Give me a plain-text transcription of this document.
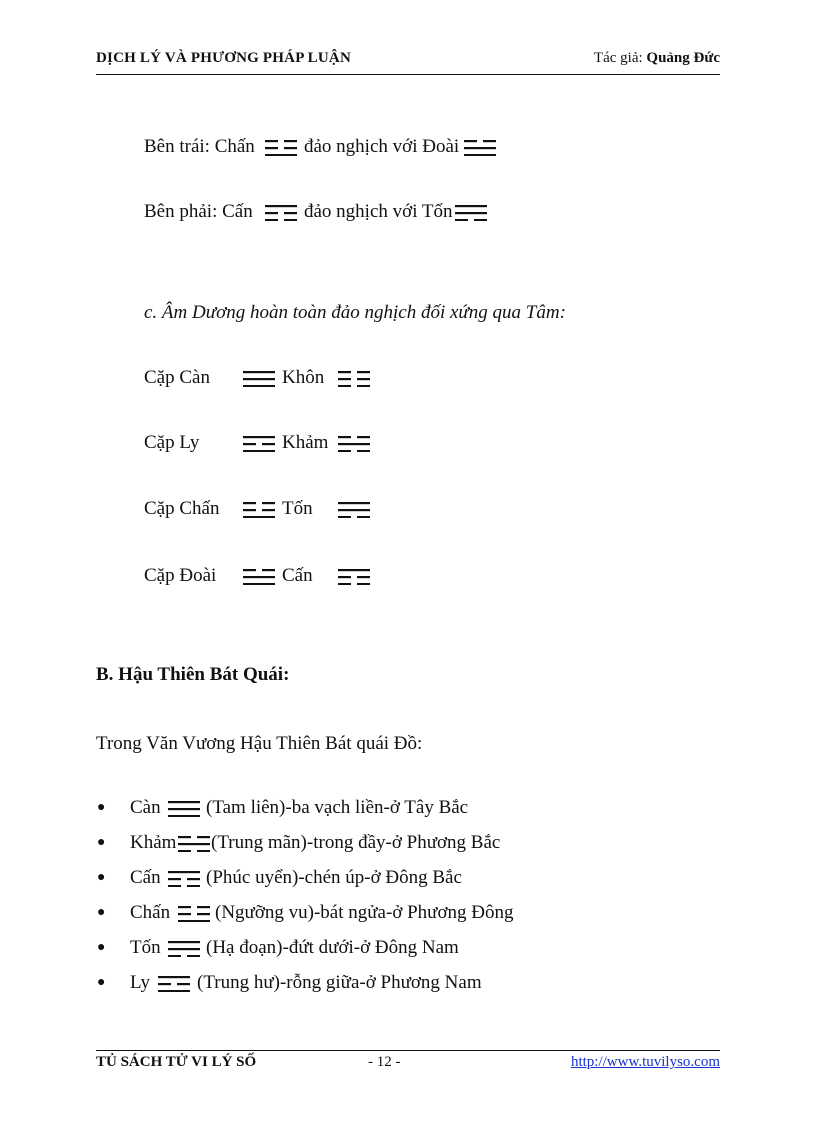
DỊCH LÝ VÀ PHƯƠNG PHÁP LUẬN	Tác giả: Quảng Đức
Bên trái: Chấn	đảo nghịch với Đoài
Bên phải: Cấn	đảo nghịch với Tốn
c. Âm Dương hoàn toàn đảo nghịch đối xứng qua Tâm:
Cặp Càn	Khôn
Cặp Ly	Khảm
Cặp Chấn	Tốn
Cặp Đoài	Cấn
B. Hậu Thiên Bát Quái:
Trong Văn Vương Hậu Thiên Bát quái Đồ:
● Càn (Tam liên)-ba vạch liền-ở Tây Bắc
● Khảm (Trung mãn)-trong đầy-ở Phương Bắc
● Cấn (Phúc uyển)-chén úp-ở Đông Bắc
● Chấn (Ngưỡng vu)-bát ngửa-ở Phương Đông
● Tốn (Hạ đoạn)-đứt dưới-ở Đông Nam
● Ly (Trung hư)-rỗng giữa-ở Phương Nam
TỦ SÁCH TỬ VI LÝ SỐ	- 12 -	http://www.tuvilyso.com
